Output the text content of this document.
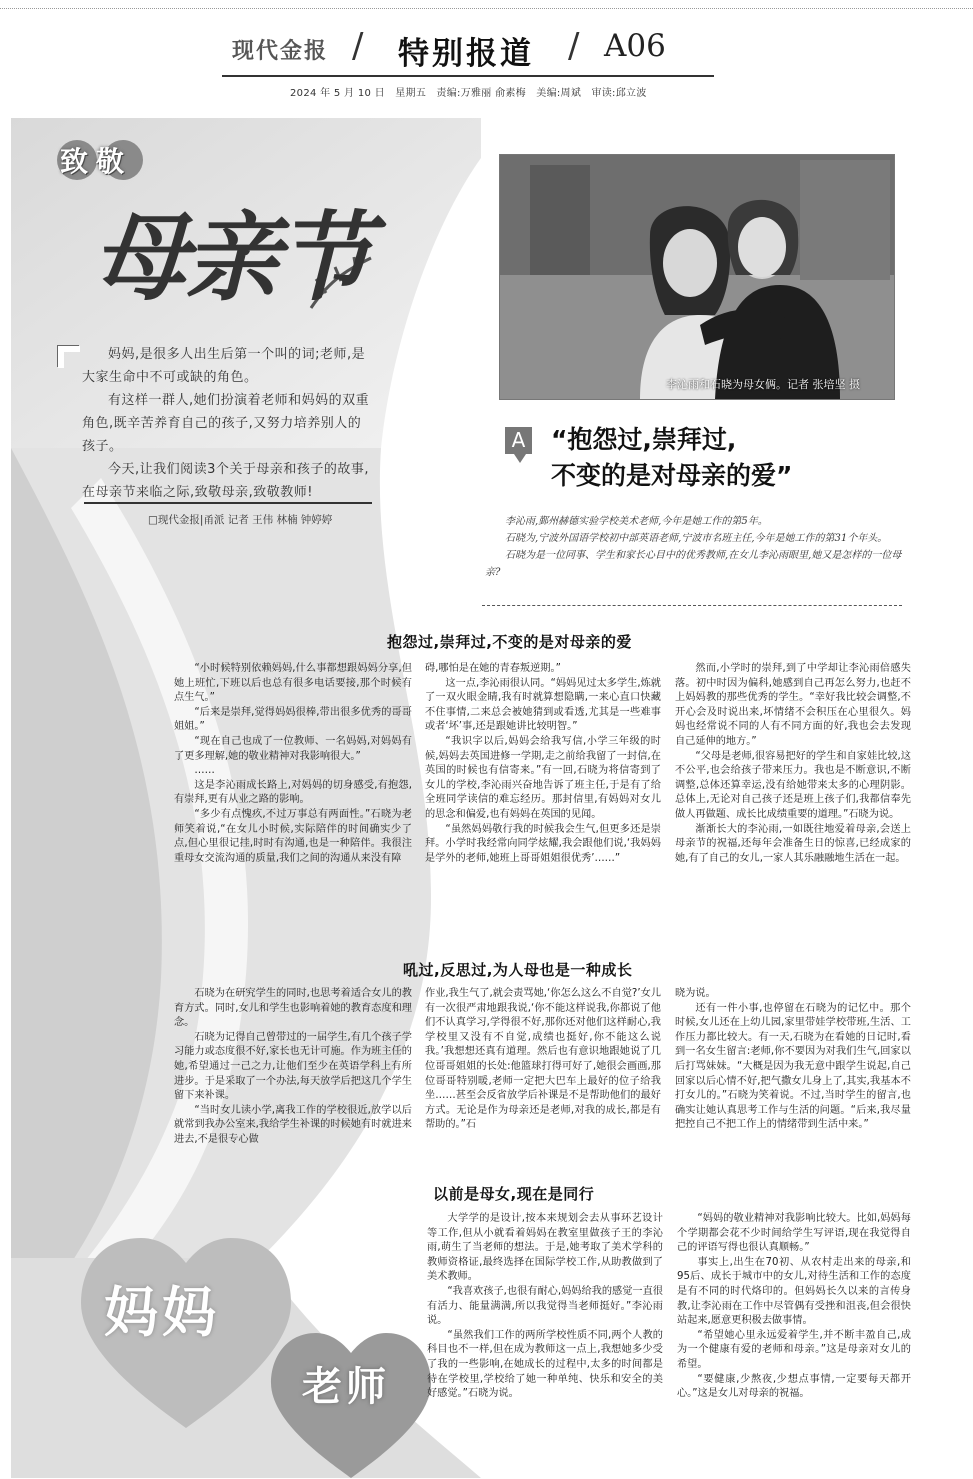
现代金报 / 特别报道 / A06
2024 年 5 月 10 日　星期五　责编:万雅丽 俞素梅　美编:周斌　审读:邱立波
致敬
母亲节
妈妈
老师

妈妈,是很多人出生后第一个叫的词;老师,是大家生命中不可或缺的角色。

有这样一群人,她们扮演着老师和妈妈的双重角色,既辛苦养育自己的孩子,又努力培养别人的孩子。

今天,让我们阅读3个关于母亲和孩子的故事,在母亲节来临之际,致敬母亲,致敬教师!

□现代金报|甬派 记者 王伟 林楠 钟婷婷
李沁雨和石晓为母女俩。记者 张培坚 摄
A “抱怨过,崇拜过,
不变的是对母亲的爱”

李沁雨,鄞州赫德实验学校美术老师,今年是她工作的第5年。

石晓为,宁波外国语学校初中部英语老师,宁波市名班主任,今年是她工作的第31个年头。

石晓为是一位同事、学生和家长心目中的优秀教师,在女儿李沁雨眼里,她又是怎样的一位母亲?

抱怨过,崇拜过,不变的是对母亲的爱

“小时候特别依赖妈妈,什么事都想跟妈妈分享,但她上班忙,下班以后也总有很多电话要接,那个时候有点生气。”

“后来是崇拜,觉得妈妈很棒,带出很多优秀的哥哥姐姐。”

“现在自己也成了一位教师、一名妈妈,对妈妈有了更多理解,她的敬业精神对我影响很大。”

……

这是李沁雨成长路上,对妈妈的切身感受,有抱怨,有崇拜,更有从业之路的影响。

“多少有点愧疚,不过万事总有两面性。”石晓为老师笑着说,“在女儿小时候,实际陪伴的时间确实少了点,但心里很记挂,时时有沟通,也是一种陪伴。我很注重母女交流沟通的质量,我们之间的沟通从来没有障

碍,哪怕是在她的青春叛逆期。”

这一点,李沁雨很认同。“妈妈见过太多学生,炼就了一双火眼金睛,我有时就算想隐瞒,一来心直口快藏不住事情,二来总会被她猜到或看透,尤其是一些难事或者‘坏’事,还是跟她讲比较明智。”

“我识字以后,妈妈会给我写信,小学三年级的时候,妈妈去英国进修一学期,走之前给我留了一封信,在英国的时候也有信寄来。”有一回,石晓为将信寄到了女儿的学校,李沁雨兴奋地告诉了班主任,于是有了给全班同学读信的难忘经历。那封信里,有妈妈对女儿的思念和偏爱,也有妈妈在英国的见闻。

“虽然妈妈敬行我的时候我会生气,但更多还是崇拜。小学时我经常向同学炫耀,我会跟他们说,‘我妈妈是学外的老师,她班上哥哥姐姐很优秀’……”

然而,小学时的崇拜,到了中学却让李沁雨倍感失落。初中时因为偏科,她感到自己再怎么努力,也赶不上妈妈教的那些优秀的学生。“幸好我比较会调整,不开心会及时说出来,坏情绪不会积压在心里很久。妈妈也经常说不同的人有不同方面的好,我也会去发现自己延伸的地方。”

“父母是老师,很容易把好的学生和自家娃比较,这不公平,也会给孩子带来压力。我也是不断意识,不断调整,总体还算幸运,没有给她带来太多的心理阴影。总体上,无论对自己孩子还是班上孩子们,我都信奉先做人再做题、成长比成绩重要的道理。”石晓为说。

渐渐长大的李沁雨,一如既往地爱着母亲,会送上母亲节的祝福,还每年会准备生日的惊喜,已经成家的她,有了自己的女儿,一家人其乐融融地生活在一起。

吼过,反思过,为人母也是一种成长

石晓为在研究学生的同时,也思考着适合女儿的教育方式。同时,女儿和学生也影响着她的教育态度和理念。

石晓为记得自己曾带过的一届学生,有几个孩子学习能力或态度很不好,家长也无计可施。作为班主任的她,希望通过一己之力,让他们至少在英语学科上有所进步。于是采取了一个办法,每天放学后把这几个学生留下来补课。

“当时女儿读小学,离我工作的学校很近,放学以后就常到我办公室来,我给学生补课的时候她有时就进来进去,不是很专心做

作业,我生气了,就会责骂她,‘你怎么这么不自觉?’女儿有一次很严肃地跟我说,‘你不能这样说我,你都说了他们不认真学习,学得很不好,那你还对他们这样耐心,我学校里又没有不自觉,成绩也挺好,你不能这么说我。’我想想还真有道理。然后也有意识地跟她说了几位哥哥姐姐的长处:他篮球打得可好了,她很会画画,那位哥哥特别暖,老师一定把大巴车上最好的位子给我坐……甚至会反省放学后补课是不是帮助他们的最好方式。无论是作为母亲还是老师,对我的成长,都是有帮助的。”石

晓为说。

还有一件小事,也停留在石晓为的记忆中。那个时候,女儿还在上幼儿园,家里带娃学校带班,生活、工作压力都比较大。有一天,石晓为在看她的日记时,看到一名女生留言:老师,你不要因为对我们生气,回家以后打骂妹妹。“大概是因为我无意中跟学生说起,自己回家以后心情不好,把气撒女儿身上了,其实,我基本不打女儿的。”石晓为笑着说。不过,当时学生的留言,也确实让她认真思考工作与生活的问题。“后来,我尽量把控自己不把工作上的情绪带到生活中来。”

以前是母女,现在是同行

大学学的是设计,按本来规划会去从事环艺设计等工作,但从小就看着妈妈在教室里做孩子王的李沁雨,萌生了当老师的想法。于是,她考取了美术学科的教师资格证,最终选择在国际学校工作,从助教做到了美术教师。

“我喜欢孩子,也很有耐心,妈妈给我的感觉一直很有活力、能量满满,所以我觉得当老师挺好。”李沁雨说。

“虽然我们工作的两所学校性质不同,两个人教的科目也不一样,但在成为教师这一点上,我想她多少受了我的一些影响,在她成长的过程中,太多的时间都是待在学校里,学校给了她一种单纯、快乐和安全的美好感觉。”石晓为说。

“妈妈的敬业精神对我影响比较大。比如,妈妈每个学期都会花不少时间给学生写评语,现在我觉得自己的评语写得也很认真顺畅。”

事实上,出生在70初、从农村走出来的母亲,和95后、成长于城市中的女儿,对待生活和工作的态度是有不同的时代烙印的。但妈妈长久以来的言传身教,让李沁雨在工作中尽管偶有受挫和沮丧,但会很快站起来,愿意更积极去做事情。

“希望她心里永远爱着学生,并不断丰盈自己,成为一个健康有爱的老师和母亲。”这是母亲对女儿的希望。

“要健康,少熬夜,少想点事情,一定要每天都开心。”这是女儿对母亲的祝福。
